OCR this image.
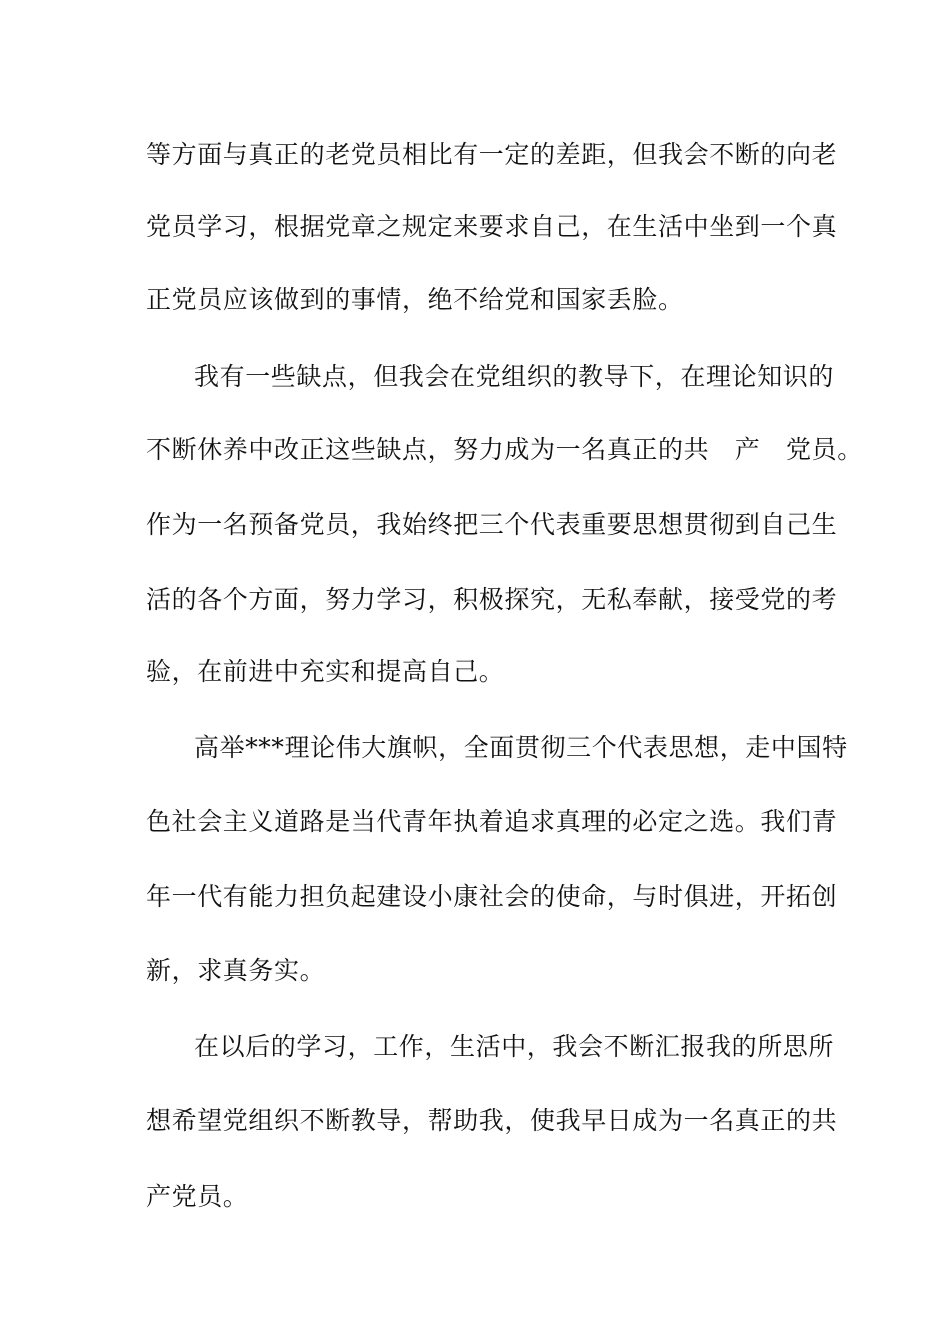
等方面与真正的老党员相比有一定的差距，但我会不断的向老
党员学习，根据党章之规定来要求自己，在生活中坐到一个真
正党员应该做到的事情，绝不给党和国家丢脸。
我有一些缺点，但我会在党组织的教导下，在理论知识的
不断休养中改正这些缺点，努力成为一名真正的共　产　党员。
作为一名预备党员，我始终把三个代表重要思想贯彻到自己生
活的各个方面，努力学习，积极探究，无私奉献，接受党的考
验，在前进中充实和提高自己。
高举***理论伟大旗帜，全面贯彻三个代表思想，走中国特
色社会主义道路是当代青年执着追求真理的必定之选。我们青
年一代有能力担负起建设小康社会的使命，与时俱进，开拓创
新，求真务实。
在以后的学习，工作，生活中，我会不断汇报我的所思所
想希望党组织不断教导，帮助我，使我早日成为一名真正的共
产党员。
